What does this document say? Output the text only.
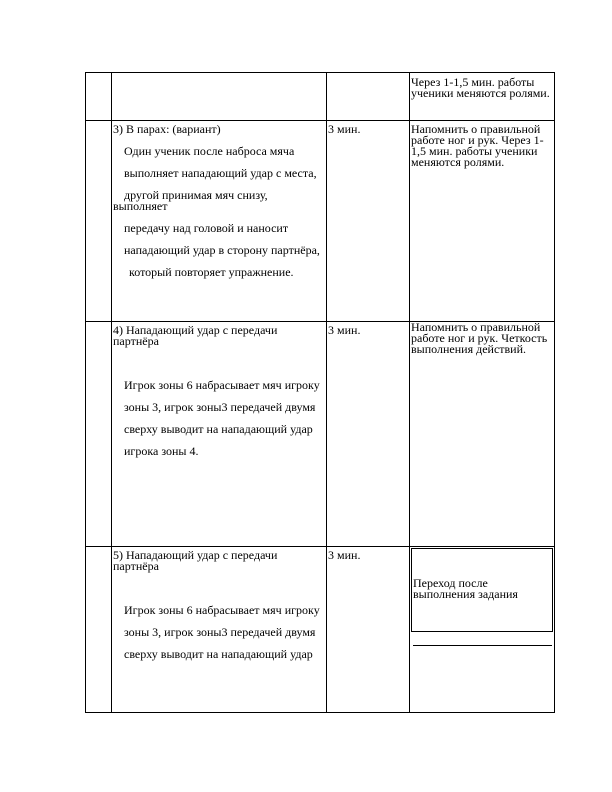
Через 1-1,5 мин. работы ученики меняются ролями.

3) В парах: (вариант)

Один ученик после наброса мяча

выполняет нападающий удар с места,

другой принимая мяч снизу, выполняет

передачу над головой и наносит

нападающий удар в сторону партнёра,

который повторяет упражнение.

3 мин.	Напомнить о правильной работе ног и рук. Через 1-1,5 мин. работы ученики меняются ролями.

4) Нападающий удар с передачи партнёра

Игрок зоны 6 набрасывает мяч игроку

зоны 3, игрок зоны3 передачей двумя

сверху выводит на нападающий удар

игрока зоны 4.

3 мин.	Напомнить о правильной работе ног и рук. Четкость выполнения действий.

5) Нападающий удар с передачи партнёра

Игрок зоны 6 набрасывает мяч игроку

зоны 3, игрок зоны3 передачей двумя

сверху выводит на нападающий удар

3 мин.

Переход после выполнения задания
